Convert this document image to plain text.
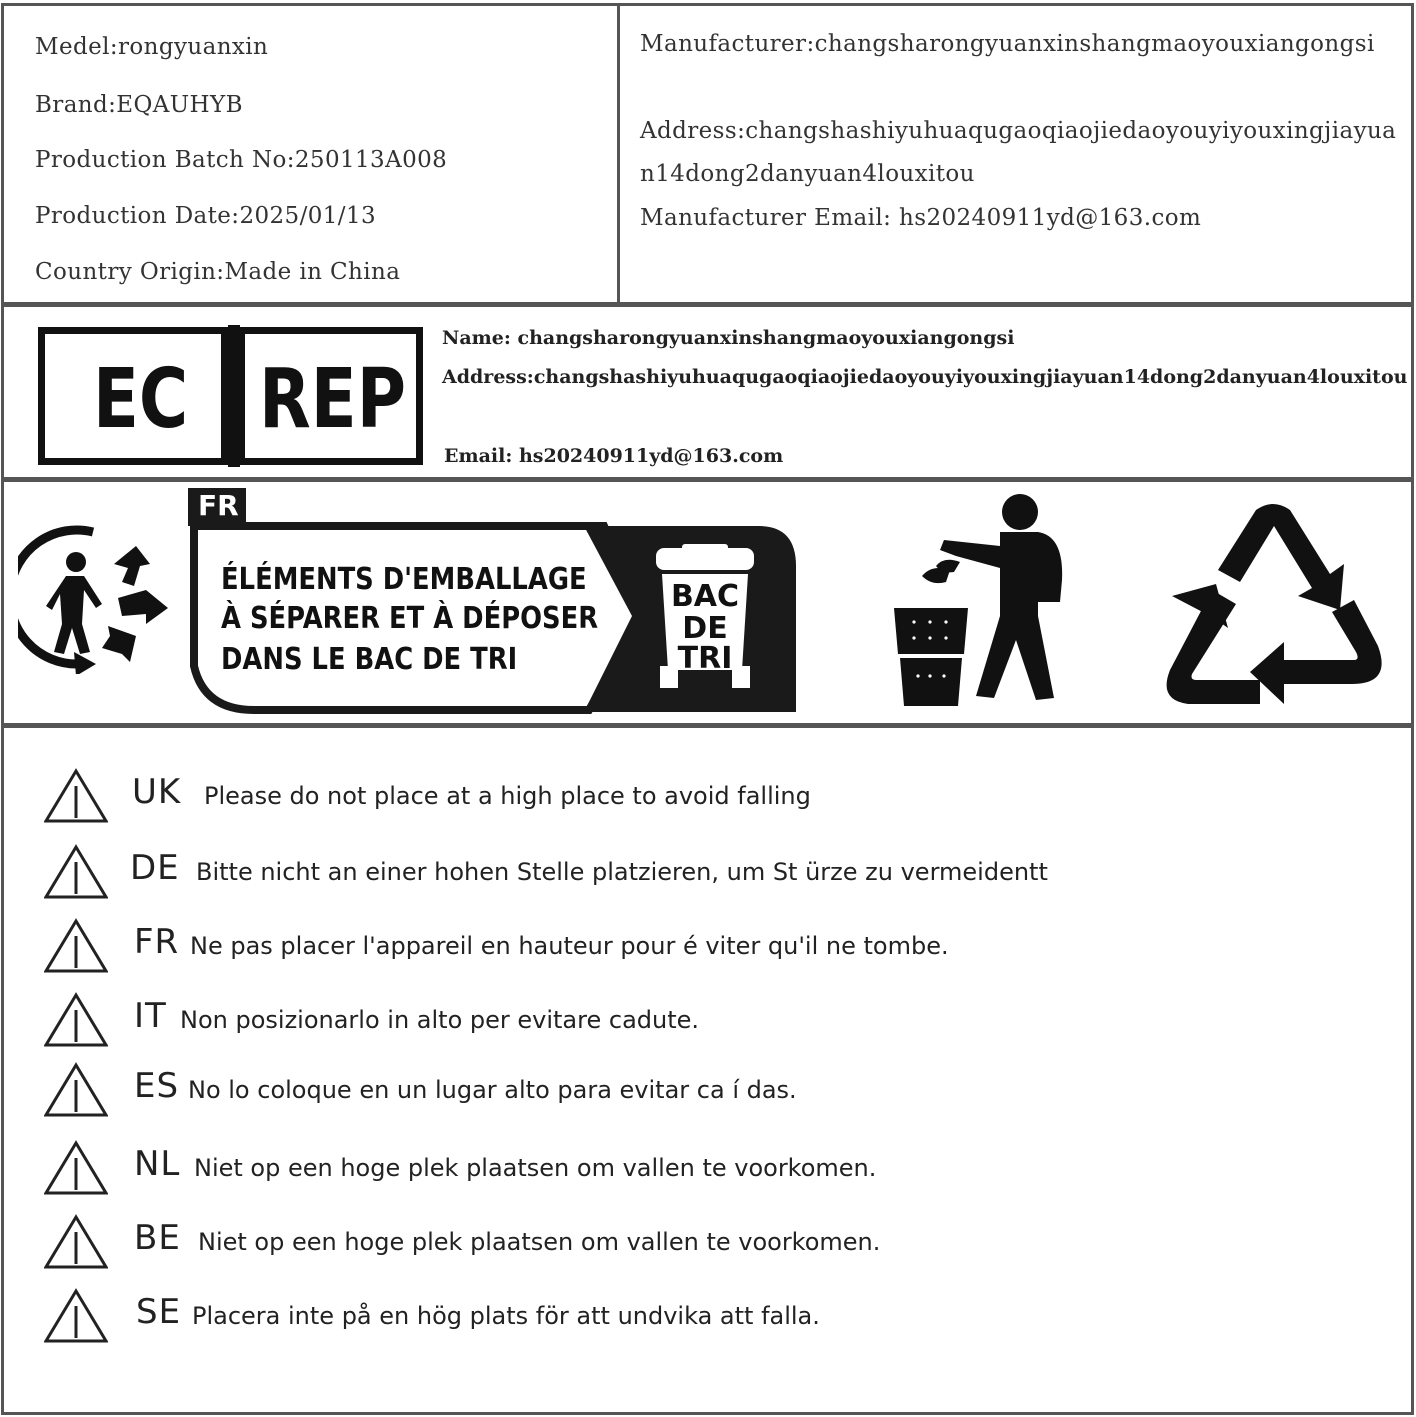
Medel:rongyuanxin
Brand:EQAUHYB
Production Batch No:250113A008
Production Date:2025/01/13
Country Origin:Made in China
Manufacturer:changsharongyuanxinshangmaoyouxiangongsi
Address:changshashiyuhuaqugaoqiaojiedaoyouyiyouxingjiayua
n14dong2danyuan4louxitou
Manufacturer Email: hs20240911yd@163.com
EC REP
Name: changsharongyuanxinshangmaoyouxiangongsi
Address:changshashiyuhuaqugaoqiaojiedaoyouyiyouxingjiayuan14dong2danyuan4louxitou
Email: hs20240911yd@163.com
FR
ÉLÉMENTS D'EMBALLAGE
À SÉPARER ET À DÉPOSER
DANS LE BAC DE TRI
BAC
DE
TRI
UK Please do not place at a high place to avoid falling
DE Bitte nicht an einer hohen Stelle platzieren, um St ürze zu vermeidentt
FR Ne pas placer l'appareil en hauteur pour é viter qu'il ne tombe.
IT Non posizionarlo in alto per evitare cadute.
ES No lo coloque en un lugar alto para evitar ca í das.
NL Niet op een hoge plek plaatsen om vallen te voorkomen.
BE Niet op een hoge plek plaatsen om vallen te voorkomen.
SE Placera inte på en hög plats för att undvika att falla.
